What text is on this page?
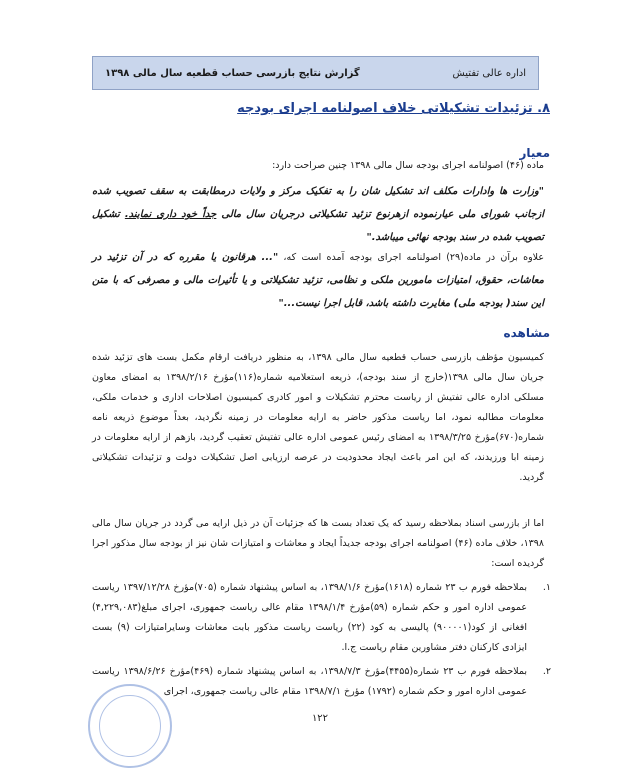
اداره عالی تفتیش
گزارش نتایج بازرسی حساب قطعیه سال مالی ۱۳۹۸
۸. تزئیدات تشکیلاتی خلاف اصولنامه اجرای بودجه
معیار

ماده (۴۶) اصولنامه اجرای بودجه سال مالی ۱۳۹۸ چنین صراحت دارد:

"وزارت ها وادارات مکلف اند تشکیل شان را به تفکیک مرکز و ولایات درمطابقت به سقف تصویب شده ازجانب شورای ملی عیارنموده ازهرنوع تزئید تشکیلاتی درجریان سال مالی جداً خود داری نمایند. تشکیل تصویب شده در سند بودجه نهائی میباشد."

علاوه برآن در ماده(۲۹) اصولنامه اجرای بودجه آمده است که، "... هرقانون یا مقرره که در آن تزئید در معاشات، حقوق، امتیازات مامورین ملکی و نظامی، تزئید تشکیلاتی و یا تأثیرات مالی و مصرفی که با متن این سند( بودجه ملی) مغایرت داشته باشد، قابل اجرا نیست..."

مشاهده

کمیسیون مؤظف بازرسی حساب قطعیه سال مالی ۱۳۹۸، به منظور دریافت ارقام مکمل بست های تزئید شده جریان سال مالی ۱۳۹۸(خارج از سند بودجه)، ذریعه استعلامیه شماره(۱۱۶)مؤرخ ۱۳۹۸/۲/۱۶ به امضای معاون مسلکی اداره عالی تفتیش از ریاست محترم تشکیلات و امور کادری کمیسیون اصلاحات اداری و خدمات ملکی، معلومات مطالبه نمود، اما ریاست مذکور حاضر به ارایه معلومات در زمینه نگردید، بعداً موضوع ذریعه نامه شماره(۶۷۰)مؤرخ ۱۳۹۸/۳/۲۵ به امضای رئیس عمومی اداره عالی تفتیش تعقیب گردید، بازهم از ارایه معلومات در زمینه ابا ورزیدند، که این امر باعث ایجاد محدودیت در عرصه ارزیابی اصل تشکیلات دولت و تزئیدات تشکیلاتی گردید.

اما از بازرسی اسناد بملاحظه رسید که یک تعداد بست ها که جزئیات آن در ذیل ارایه می گردد در جریان سال مالی ۱۳۹۸، خلاف ماده (۴۶) اصولنامه اجرای بودجه جدیداً ایجاد و معاشات و امتیازات شان نیز از بودجه سال مذکور اجرا گردیده است:

۱.
بملاحظه فورم ب ۲۳ شماره (۱۶۱۸)مؤرخ ۱۳۹۸/۱/۶، به اساس پیشنهاد شماره (۷۰۵)مؤرخ ۱۳۹۷/۱۲/۲۸ ریاست عمومی اداره امور و حکم شماره (۵۹)مؤرخ ۱۳۹۸/۱/۴ مقام عالی ریاست جمهوری، اجرای مبلغ(۴,۲۲۹,۰۸۳) افغانی از کود(۹۰۰۰۰۱) پالیسی به کود (۲۲) ریاست ریاست مذکور بابت معاشات وسایرامتیازات (۹) بست ایزادی کارکنان دفتر مشاورین مقام ریاست ج.ا.
۲.
بملاحظه فورم ب ۲۳ شماره(۴۴۵۵)مؤرخ ۱۳۹۸/۷/۳، به اساس پیشنهاد شماره (۴۶۹)مؤرخ ۱۳۹۸/۶/۲۶ ریاست عمومی اداره امور و حکم شماره (۱۷۹۲) مؤرخ ۱۳۹۸/۷/۱ مقام عالی ریاست جمهوری، اجرای
۱۲۲
